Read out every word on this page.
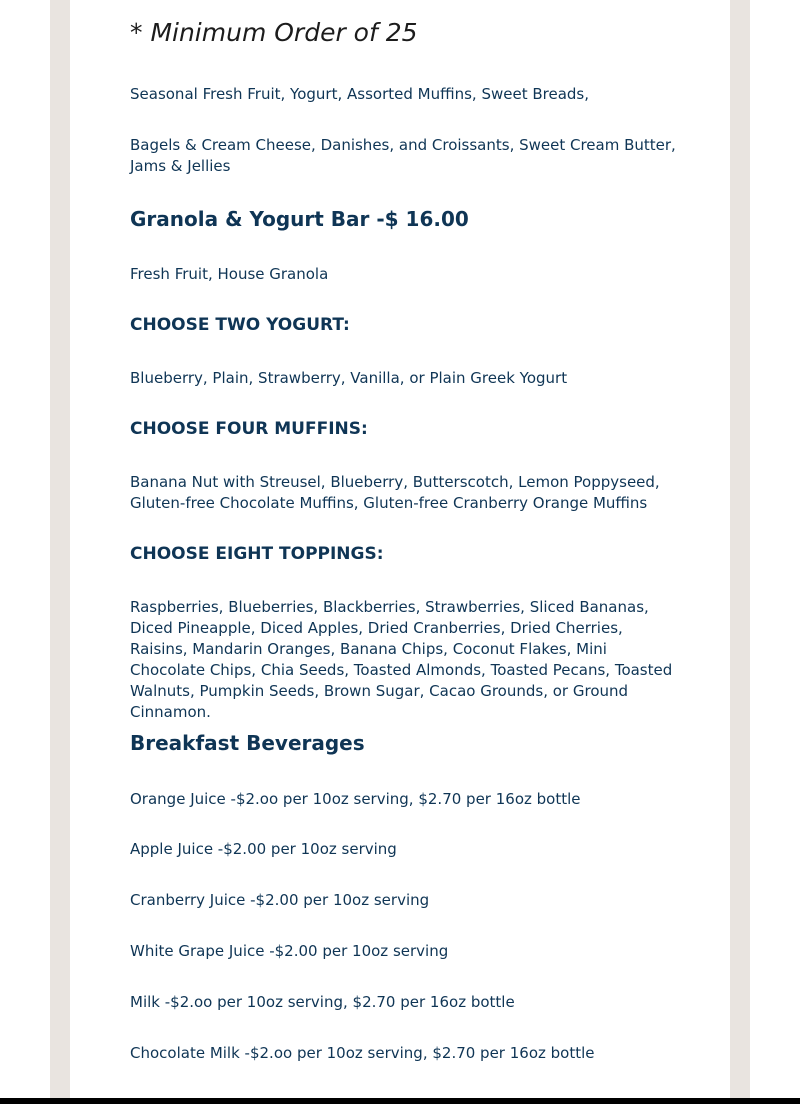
* Minimum Order of 25

Seasonal Fresh Fruit, Yogurt, Assorted Muffins, Sweet Breads,

Bagels & Cream Cheese, Danishes, and Croissants, Sweet Cream Butter, Jams & Jellies

Granola & Yogurt Bar -$ 16.00

Fresh Fruit, House Granola

CHOOSE TWO YOGURT:

Blueberry, Plain, Strawberry, Vanilla, or Plain Greek Yogurt

CHOOSE FOUR MUFFINS:

Banana Nut with Streusel, Blueberry, Butterscotch, Lemon Poppyseed, Gluten-free Chocolate Muffins, Gluten-free Cranberry Orange Muffins

CHOOSE EIGHT TOPPINGS:

Raspberries, Blueberries, Blackberries, Strawberries, Sliced Bananas, Diced Pineapple, Diced Apples, Dried Cranberries, Dried Cherries, Raisins, Mandarin Oranges, Banana Chips, Coconut Flakes, Mini Chocolate Chips, Chia Seeds, Toasted Almonds, Toasted Pecans, Toasted Walnuts, Pumpkin Seeds, Brown Sugar, Cacao Grounds, or Ground Cinnamon.

Breakfast Beverages

Orange Juice -$2.oo per 10oz serving, $2.70 per 16oz bottle

Apple Juice -$2.00 per 10oz serving

Cranberry Juice -$2.00 per 10oz serving

White Grape Juice -$2.00 per 10oz serving

Milk -$2.oo per 10oz serving, $2.70 per 16oz bottle

Chocolate Milk -$2.oo per 10oz serving, $2.70 per 16oz bottle
